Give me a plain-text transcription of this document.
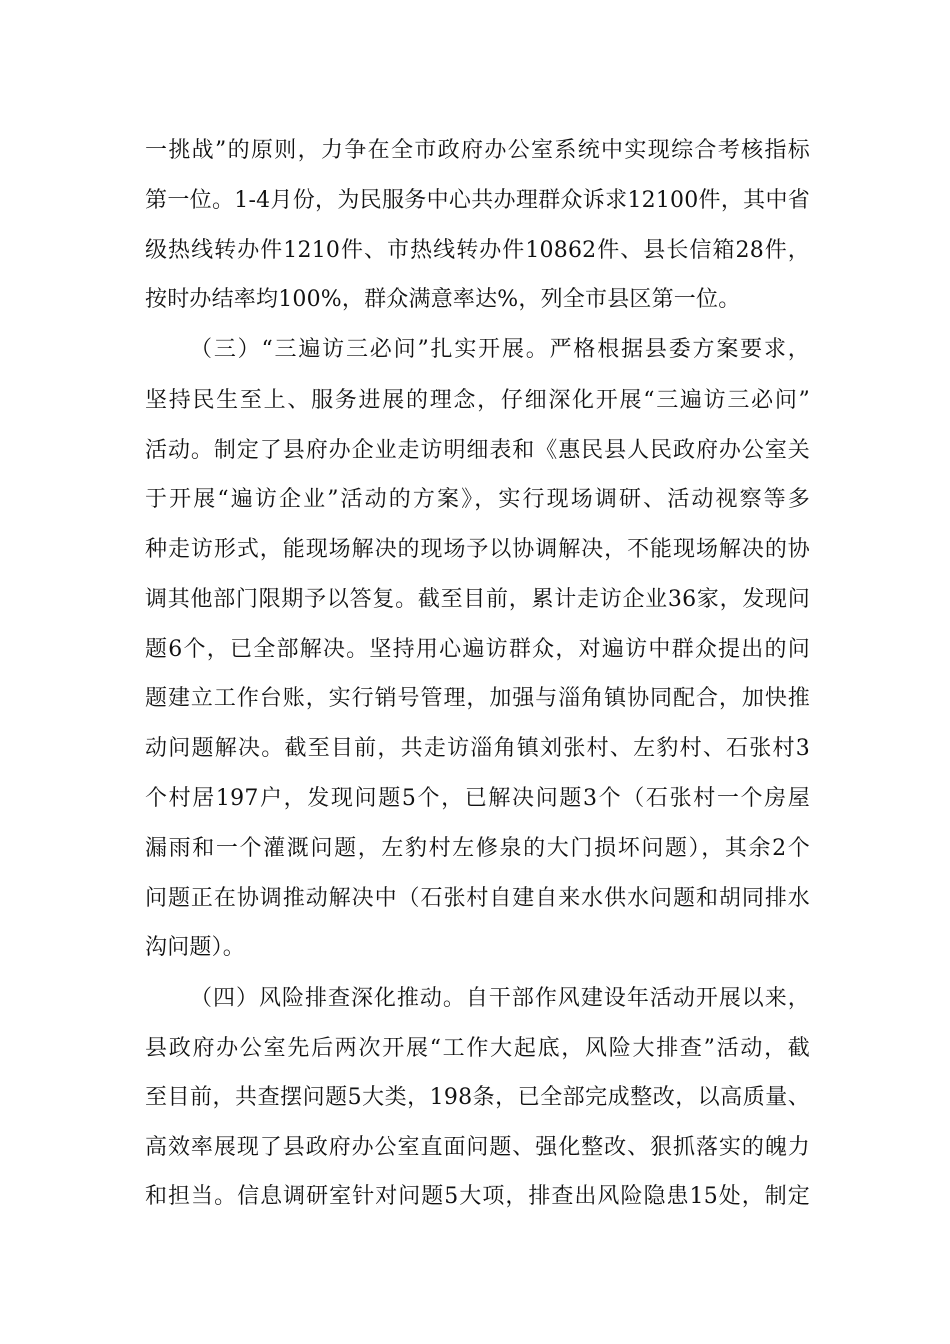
一挑战”的原则，力争在全市政府办公室系统中实现综合考核指标
第一位。1-4月份，为民服务中心共办理群众诉求12100件，其中省
级热线转办件1210件、市热线转办件10862件、县长信箱28件，
按时办结率均100%，群众满意率达%，列全市县区第一位。
（三）“三遍访三必问”扎实开展。严格根据县委方案要求，
坚持民生至上、服务进展的理念，仔细深化开展“三遍访三必问”
活动。制定了县府办企业走访明细表和《惠民县人民政府办公室关
于开展“遍访企业”活动的方案》，实行现场调研、活动视察等多
种走访形式，能现场解决的现场予以协调解决，不能现场解决的协
调其他部门限期予以答复。截至目前，累计走访企业36家，发现问
题6个，已全部解决。坚持用心遍访群众，对遍访中群众提出的问
题建立工作台账，实行销号管理，加强与淄角镇协同配合，加快推
动问题解决。截至目前，共走访淄角镇刘张村、左豹村、石张村3
个村居197户，发现问题5个，已解决问题3个（石张村一个房屋
漏雨和一个灌溉问题，左豹村左修泉的大门损坏问题），其余2个
问题正在协调推动解决中（石张村自建自来水供水问题和胡同排水
沟问题）。
（四）风险排查深化推动。自干部作风建设年活动开展以来，
县政府办公室先后两次开展“工作大起底，风险大排查”活动，截
至目前，共查摆问题5大类，198条，已全部完成整改，以高质量、
高效率展现了县政府办公室直面问题、强化整改、狠抓落实的魄力
和担当。信息调研室针对问题5大项，排查出风险隐患15处，制定
